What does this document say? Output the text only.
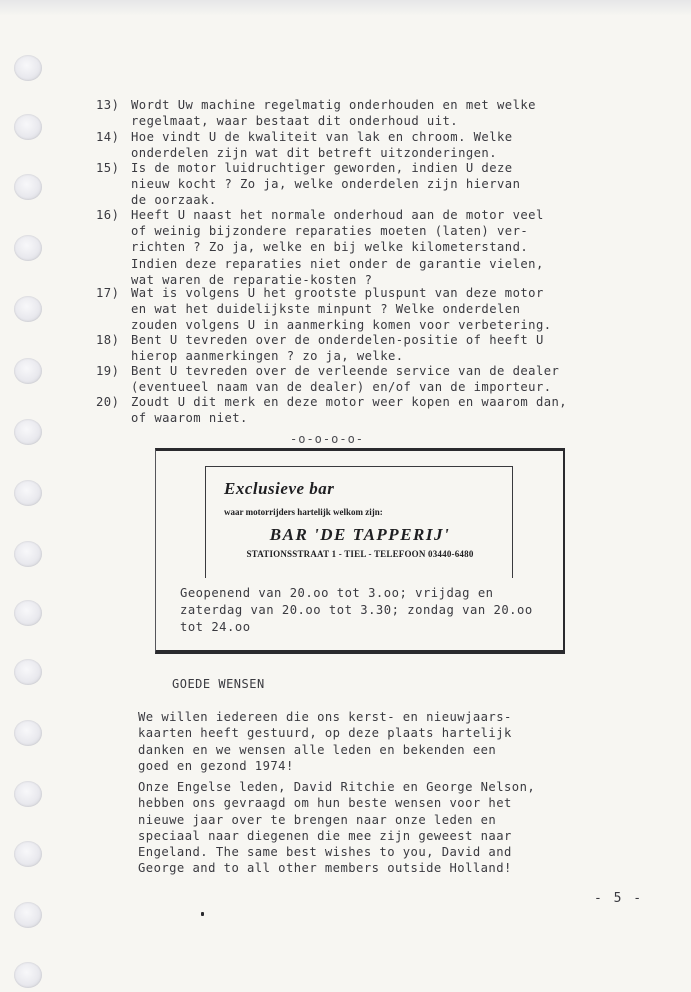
13) Wordt Uw machine regelmatig onderhouden en met welke
regelmaat, waar bestaat dit onderhoud uit.
14) Hoe vindt U de kwaliteit van lak en chroom. Welke
onderdelen zijn wat dit betreft uitzonderingen.
15) Is de motor luidruchtiger geworden, indien U deze
nieuw kocht ? Zo ja, welke onderdelen zijn hiervan
de oorzaak.
16) Heeft U naast het normale onderhoud aan de motor veel
of weinig bijzondere reparaties moeten (laten) ver-
richten ? Zo ja, welke en bij welke kilometerstand.
Indien deze reparaties niet onder de garantie vielen,
wat waren de reparatie-kosten ?
17) Wat is volgens U het grootste pluspunt van deze motor
en wat het duidelijkste minpunt ? Welke onderdelen
zouden volgens U in aanmerking komen voor verbetering.
18) Bent U tevreden over de onderdelen-positie of heeft U
hierop aanmerkingen ? zo ja, welke.
19) Bent U tevreden over de verleende service van de dealer
(eventueel naam van de dealer) en/of van de importeur.
20) Zoudt U dit merk en deze motor weer kopen en waarom dan,
of waarom niet.
-o-o-o-o-
Exclusieve bar
waar motorrijders hartelijk welkom zijn:
BAR 'DE TAPPERIJ'
STATIONSSTRAAT 1 - TIEL - TELEFOON 03440-6480
Geopenend van 20.oo tot 3.oo; vrijdag en zaterdag van 20.oo tot 3.30; zondag van 20.oo tot 24.oo
GOEDE WENSEN
We willen iedereen die ons kerst- en nieuwjaars-
kaarten heeft gestuurd, op deze plaats hartelijk
danken en we wensen alle leden en bekenden een
goed en gezond 1974!
Onze Engelse leden, David Ritchie en George Nelson,
hebben ons gevraagd om hun beste wensen voor het
nieuwe jaar over te brengen naar onze leden en
speciaal naar diegenen die mee zijn geweest naar
Engeland. The same best wishes to you, David and
George and to all other members outside Holland!
- 5 -
